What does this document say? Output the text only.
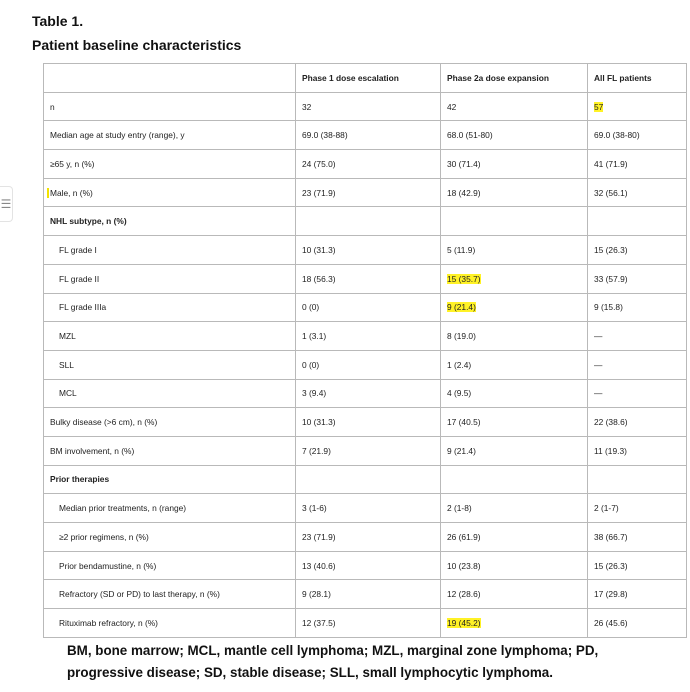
Table 1.
Patient baseline characteristics
☰
	Phase 1 dose escalation	Phase 2a dose expansion	All FL patients
n	32	42	57
Median age at study entry (range), y	69.0 (38-88)	68.0 (51-80)	69.0 (38-80)
≥65 y, n (%)	24 (75.0)	30 (71.4)	41 (71.9)
Male, n (%)	23 (71.9)	18 (42.9)	32 (56.1)
NHL subtype, n (%)			
FL grade I	10 (31.3)	5 (11.9)	15 (26.3)
FL grade II	18 (56.3)	15 (35.7)	33 (57.9)
FL grade IIIa	0 (0)	9 (21.4)	9 (15.8)
MZL	1 (3.1)	8 (19.0)	—
SLL	0 (0)	1 (2.4)	—
MCL	3 (9.4)	4 (9.5)	—
Bulky disease (>6 cm), n (%)	10 (31.3)	17 (40.5)	22 (38.6)
BM involvement, n (%)	7 (21.9)	9 (21.4)	11 (19.3)
Prior therapies			
Median prior treatments, n (range)	3 (1-6)	2 (1-8)	2 (1-7)
≥2 prior regimens, n (%)	23 (71.9)	26 (61.9)	38 (66.7)
Prior bendamustine, n (%)	13 (40.6)	10 (23.8)	15 (26.3)
Refractory (SD or PD) to last therapy, n (%)	9 (28.1)	12 (28.6)	17 (29.8)
Rituximab refractory, n (%)	12 (37.5)	19 (45.2)	26 (45.6)

BM, bone marrow; MCL, mantle cell lymphoma; MZL, marginal zone lymphoma; PD, progressive disease; SD, stable disease; SLL, small lymphocytic lymphoma.
